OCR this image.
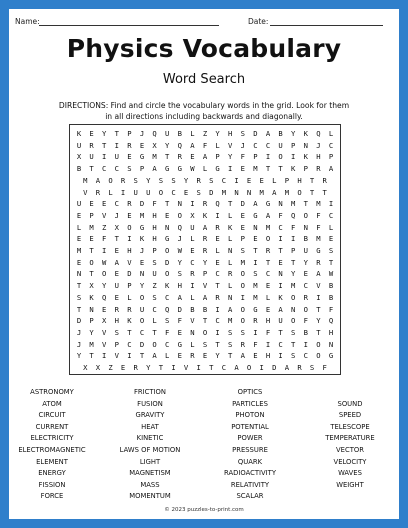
Name:	Date:
Physics Vocabulary
Word Search
DIRECTIONS: Find and circle the vocabulary words in the grid. Look for them in all directions including backwards and diagonally.
K	E	Y	T	P	J	Q	U	B	L	Z	Y	H	S	D	A	B	Y	K	Q	L
U	R	T	I	R	E	X	Y	Q	A	F	L	V	J	C	C	U	P	N	J	C
X	U	I	U	E	G	M	T	R	E	A	P	Y	F	P	I	O	I	K	H	P
B	T	C	C	S	P	A	G	G	W	L	G	I	E	M	T	T	K	P	R	A
M	A	O	R	S	Y	S	S	Y	R	S	C	I	E	E	L	P	H	T	R
V	R	L	I	U	U	O	C	E	S	D	M	N	N	M	A	M	O	T	T
U	E	E	C	R	D	F	T	N	I	R	Q	T	D	A	G	N	M	T	M	I
E	P	V	J	E	M	H	E	O	X	K	I	L	E	G	A	F	Q	O	F	C
L	M	Z	X	O	G	H	N	Q	U	A	R	K	E	N	M	C	F	N	F	L
E	E	F	T	I	K	H	G	J	L	R	E	L	P	E	O	I	I	B	M	E
M	T	I	E	H	J	P	O	W	E	R	L	N	S	T	R	T	P	U	G	S
E	O	W	A	V	E	S	D	Y	C	Y	E	L	M	I	T	E	T	Y	R	T
N	T	O	E	D	N	U	O	S	R	P	C	R	O	S	C	N	Y	E	A	W
T	X	Y	U	P	Y	Z	K	H	I	V	T	L	O	M	E	I	M	C	V	B
S	K	Q	E	L	O	S	C	A	L	A	R	N	I	M	L	K	O	R	I	B
T	N	E	R	R	U	C	Q	D	B	B	I	A	O	G	E	A	N	O	T	F
D	P	X	H	K	O	L	S	F	V	T	C	M	O	R	H	U	O	F	Y	Q
J	Y	V	S	T	C	T	F	E	N	O	I	S	S	I	F	T	S	B	T	H
J	M	V	P	C	D	O	C	G	L	S	T	S	R	F	I	C	T	I	O	N
Y	T	I	V	I	T	A	L	E	R	E	Y	T	A	E	H	I	S	C	O	G
X	X	Z	E	R	Y	T	I	V	I	T	C	A	O	I	D	A	R	S	F
ASTRONOMY
ATOM
CIRCUIT
CURRENT
ELECTRICITY
ELECTROMAGNETIC
ELEMENT
ENERGY
FISSION
FORCE
FRICTION
FUSION
GRAVITY
HEAT
KINETIC
LAWS OF MOTION
LIGHT
MAGNETISM
MASS
MOMENTUM
OPTICS
PARTICLES
PHOTON
POTENTIAL
POWER
PRESSURE
QUARK
RADIOACTIVITY
RELATIVITY
SCALAR
SOUND
SPEED
TELESCOPE
TEMPERATURE
VECTOR
VELOCITY
WAVES
WEIGHT
© 2023 puzzles-to-print.com
